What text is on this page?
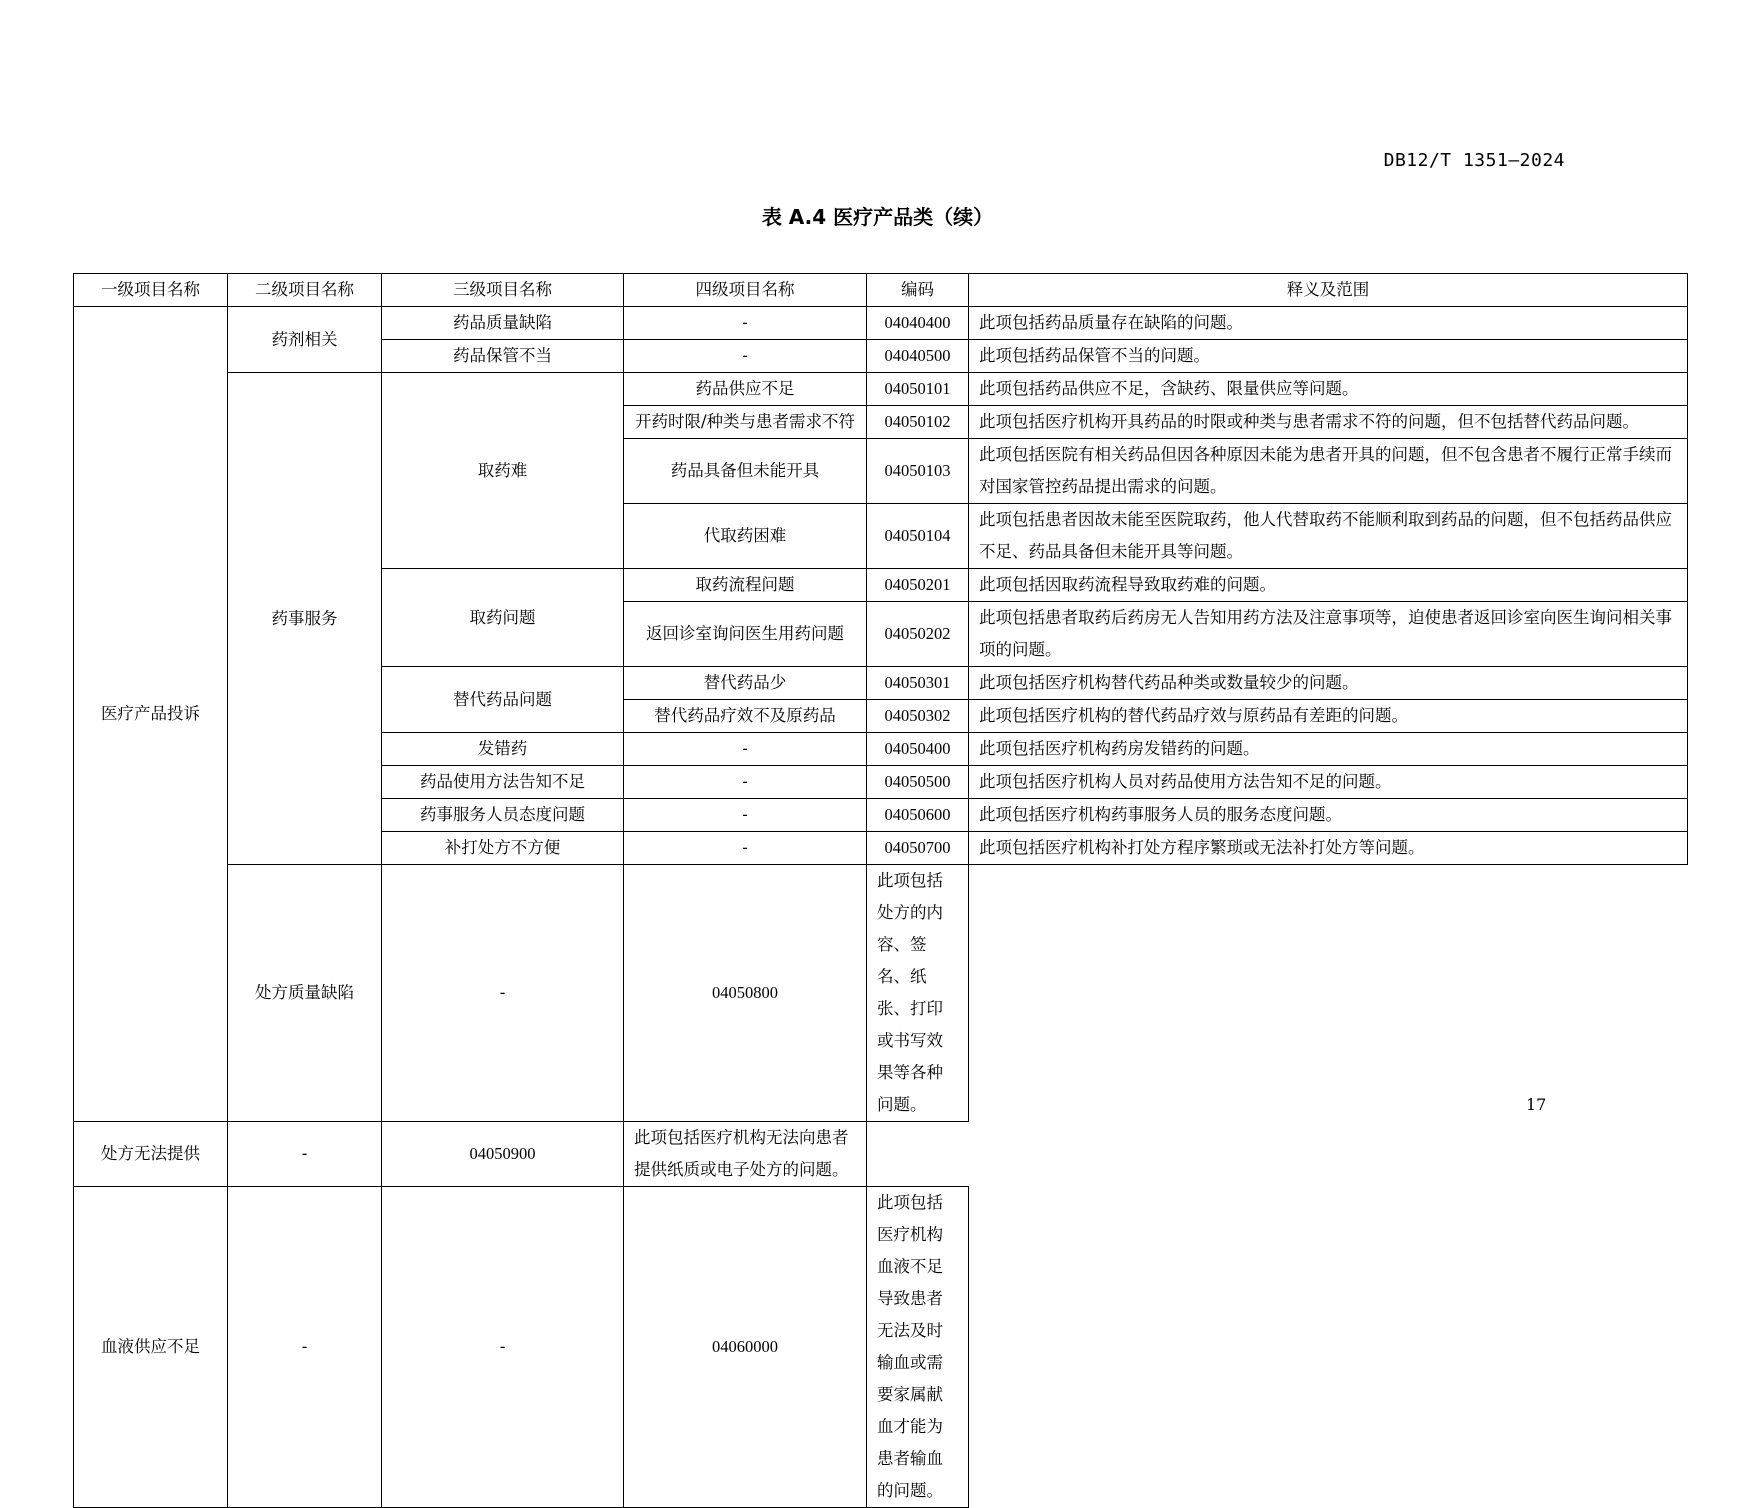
DB12/T 1351—2024
表 A.4 医疗产品类（续）
一级项目名称	二级项目名称	三级项目名称	四级项目名称	编码	释义及范围
医疗产品投诉	药剂相关	药品质量缺陷	-	04040400	此项包括药品质量存在缺陷的问题。
		药品保管不当	-	04040500	此项包括药品保管不当的问题。
	药事服务	取药难	药品供应不足	04050101	此项包括药品供应不足，含缺药、限量供应等问题。
			开药时限/种类与患者需求不符	04050102	此项包括医疗机构开具药品的时限或种类与患者需求不符的问题，但不包括替代药品问题。

			药品具备但未能开具	04050103	此项包括医院有相关药品但因各种原因未能为患者开具的问题，但不包含患者不履行正常手续而对国家管控药品提出需求的问题。

			代取药困难	04050104	此项包括患者因故未能至医院取药，他人代替取药不能顺利取到药品的问题，但不包括药品供应不足、药品具备但未能开具等问题。

		取药问题	取药流程问题	04050201	此项包括因取药流程导致取药难的问题。
			返回诊室询问医生用药问题	04050202	此项包括患者取药后药房无人告知用药方法及注意事项等，迫使患者返回诊室向医生询问相关事项的问题。

		替代药品问题	替代药品少	04050301	此项包括医疗机构替代药品种类或数量较少的问题。
			替代药品疗效不及原药品	04050302	此项包括医疗机构的替代药品疗效与原药品有差距的问题。
		发错药	-	04050400	此项包括医疗机构药房发错药的问题。
		药品使用方法告知不足	-	04050500	此项包括医疗机构人员对药品使用方法告知不足的问题。
		药事服务人员态度问题	-	04050600	此项包括医疗机构药事服务人员的服务态度问题。
		补打处方不方便	-	04050700	此项包括医疗机构补打处方程序繁琐或无法补打处方等问题。
	处方质量缺陷	-	04050800	此项包括处方的内容、签名、纸张、打印或书写效果等各种问题。	
处方无法提供	-	04050900	此项包括医疗机构无法向患者提供纸质或电子处方的问题。		
血液供应不足	-	-	04060000	此项包括医疗机构血液不足导致患者无法及时输血或需要家属献血才能为患者输血的问题。	

17
